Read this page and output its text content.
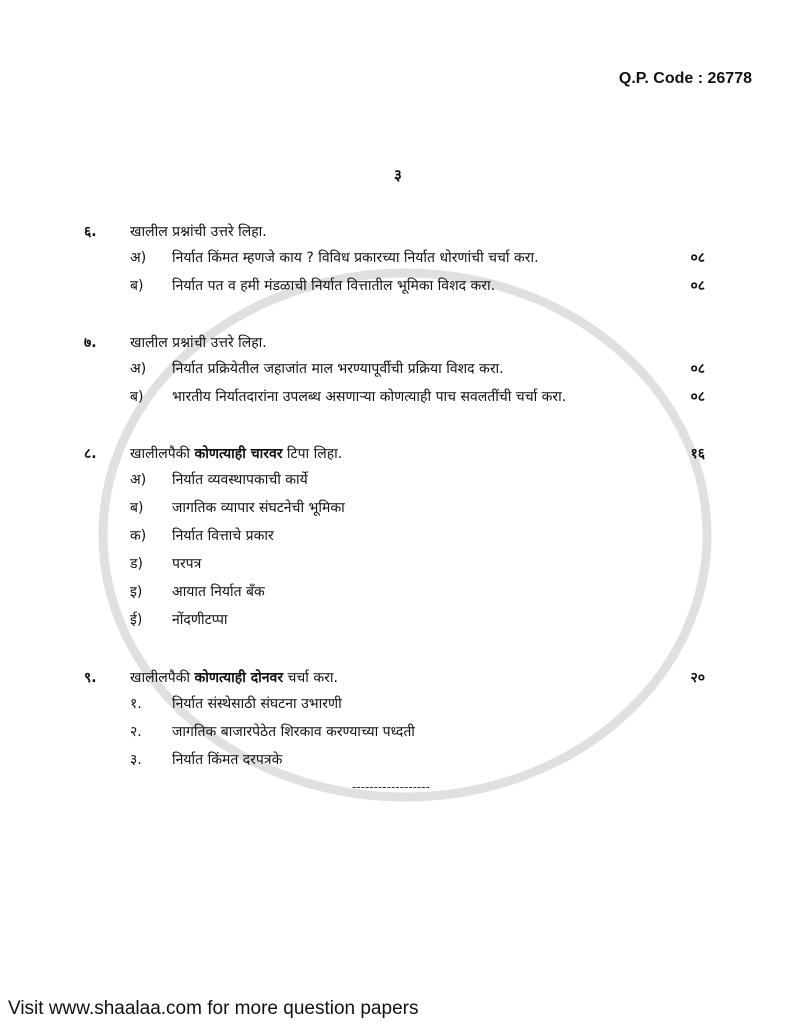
Q.P. Code : 26778
३
६. खालील प्रश्नांची उत्तरे लिहा.
अ) निर्यात किंमत म्हणजे काय ? विविध प्रकारच्या निर्यात धोरणांची चर्चा करा.	०८
ब) निर्यात पत व हमी मंडळाची निर्यात वित्तातील भूमिका विशद करा.	०८
७. खालील प्रश्नांची उत्तरे लिहा.
अ) निर्यात प्रक्रियेतील जहाजांत माल भरण्यापूर्वीची प्रक्रिया विशद करा.	०८
ब) भारतीय निर्यातदारांना उपलब्ध असणाऱ्या कोणत्याही पाच सवलतींची चर्चा करा.	०८
८. खालीलपैकी कोणत्याही चारवर टिपा लिहा.	१६
अ) निर्यात व्यवस्थापकाची कार्ये
ब) जागतिक व्यापार संघटनेची भूमिका
क) निर्यात वित्ताचे प्रकार
ड) परपत्र
इ) आयात निर्यात बँक
ई) नोंदणीटप्पा
९. खालीलपैकी कोणत्याही दोनवर चर्चा करा.	२०
१. निर्यात संस्थेसाठी संघटना उभारणी
२. जागतिक बाजारपेठेत शिरकाव करण्याच्या पध्दती
३. निर्यात किंमत दरपत्रके
------------------
Visit www.shaalaa.com for more question papers
